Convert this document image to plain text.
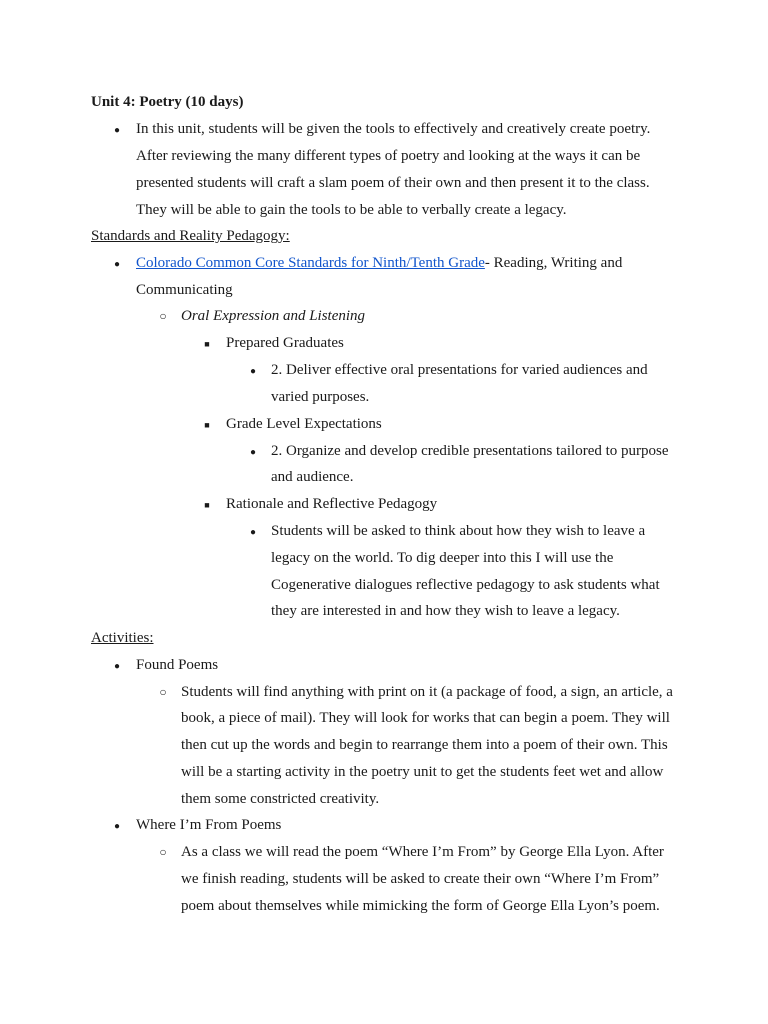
Unit 4: Poetry (10 days)
●
In this unit, students will be given the tools to effectively and creatively create poetry.
After reviewing the many different types of poetry and looking at the ways it can be
presented students will craft a slam poem of their own and then present it to the class.
They will be able to gain the tools to be able to verbally create a legacy.
Standards and Reality Pedagogy:
●
Colorado Common Core Standards for Ninth/Tenth Grade- Reading, Writing and
Communicating
○
Oral Expression and Listening
■
Prepared Graduates
●
2. Deliver effective oral presentations for varied audiences and
varied purposes.
■
Grade Level Expectations
●
2. Organize and develop credible presentations tailored to purpose
and audience.
■
Rationale and Reflective Pedagogy
●
Students will be asked to think about how they wish to leave a
legacy on the world. To dig deeper into this I will use the
Cogenerative dialogues reflective pedagogy to ask students what
they are interested in and how they wish to leave a legacy.
Activities:
●
Found Poems
○
Students will find anything with print on it (a package of food, a sign, an article, a
book, a piece of mail). They will look for works that can begin a poem. They will
then cut up the words and begin to rearrange them into a poem of their own. This
will be a starting activity in the poetry unit to get the students feet wet and allow
them some constricted creativity.
●
Where I’m From Poems
○
As a class we will read the poem “Where I’m From” by George Ella Lyon. After
we finish reading, students will be asked to create their own “Where I’m From”
poem about themselves while mimicking the form of George Ella Lyon’s poem.
